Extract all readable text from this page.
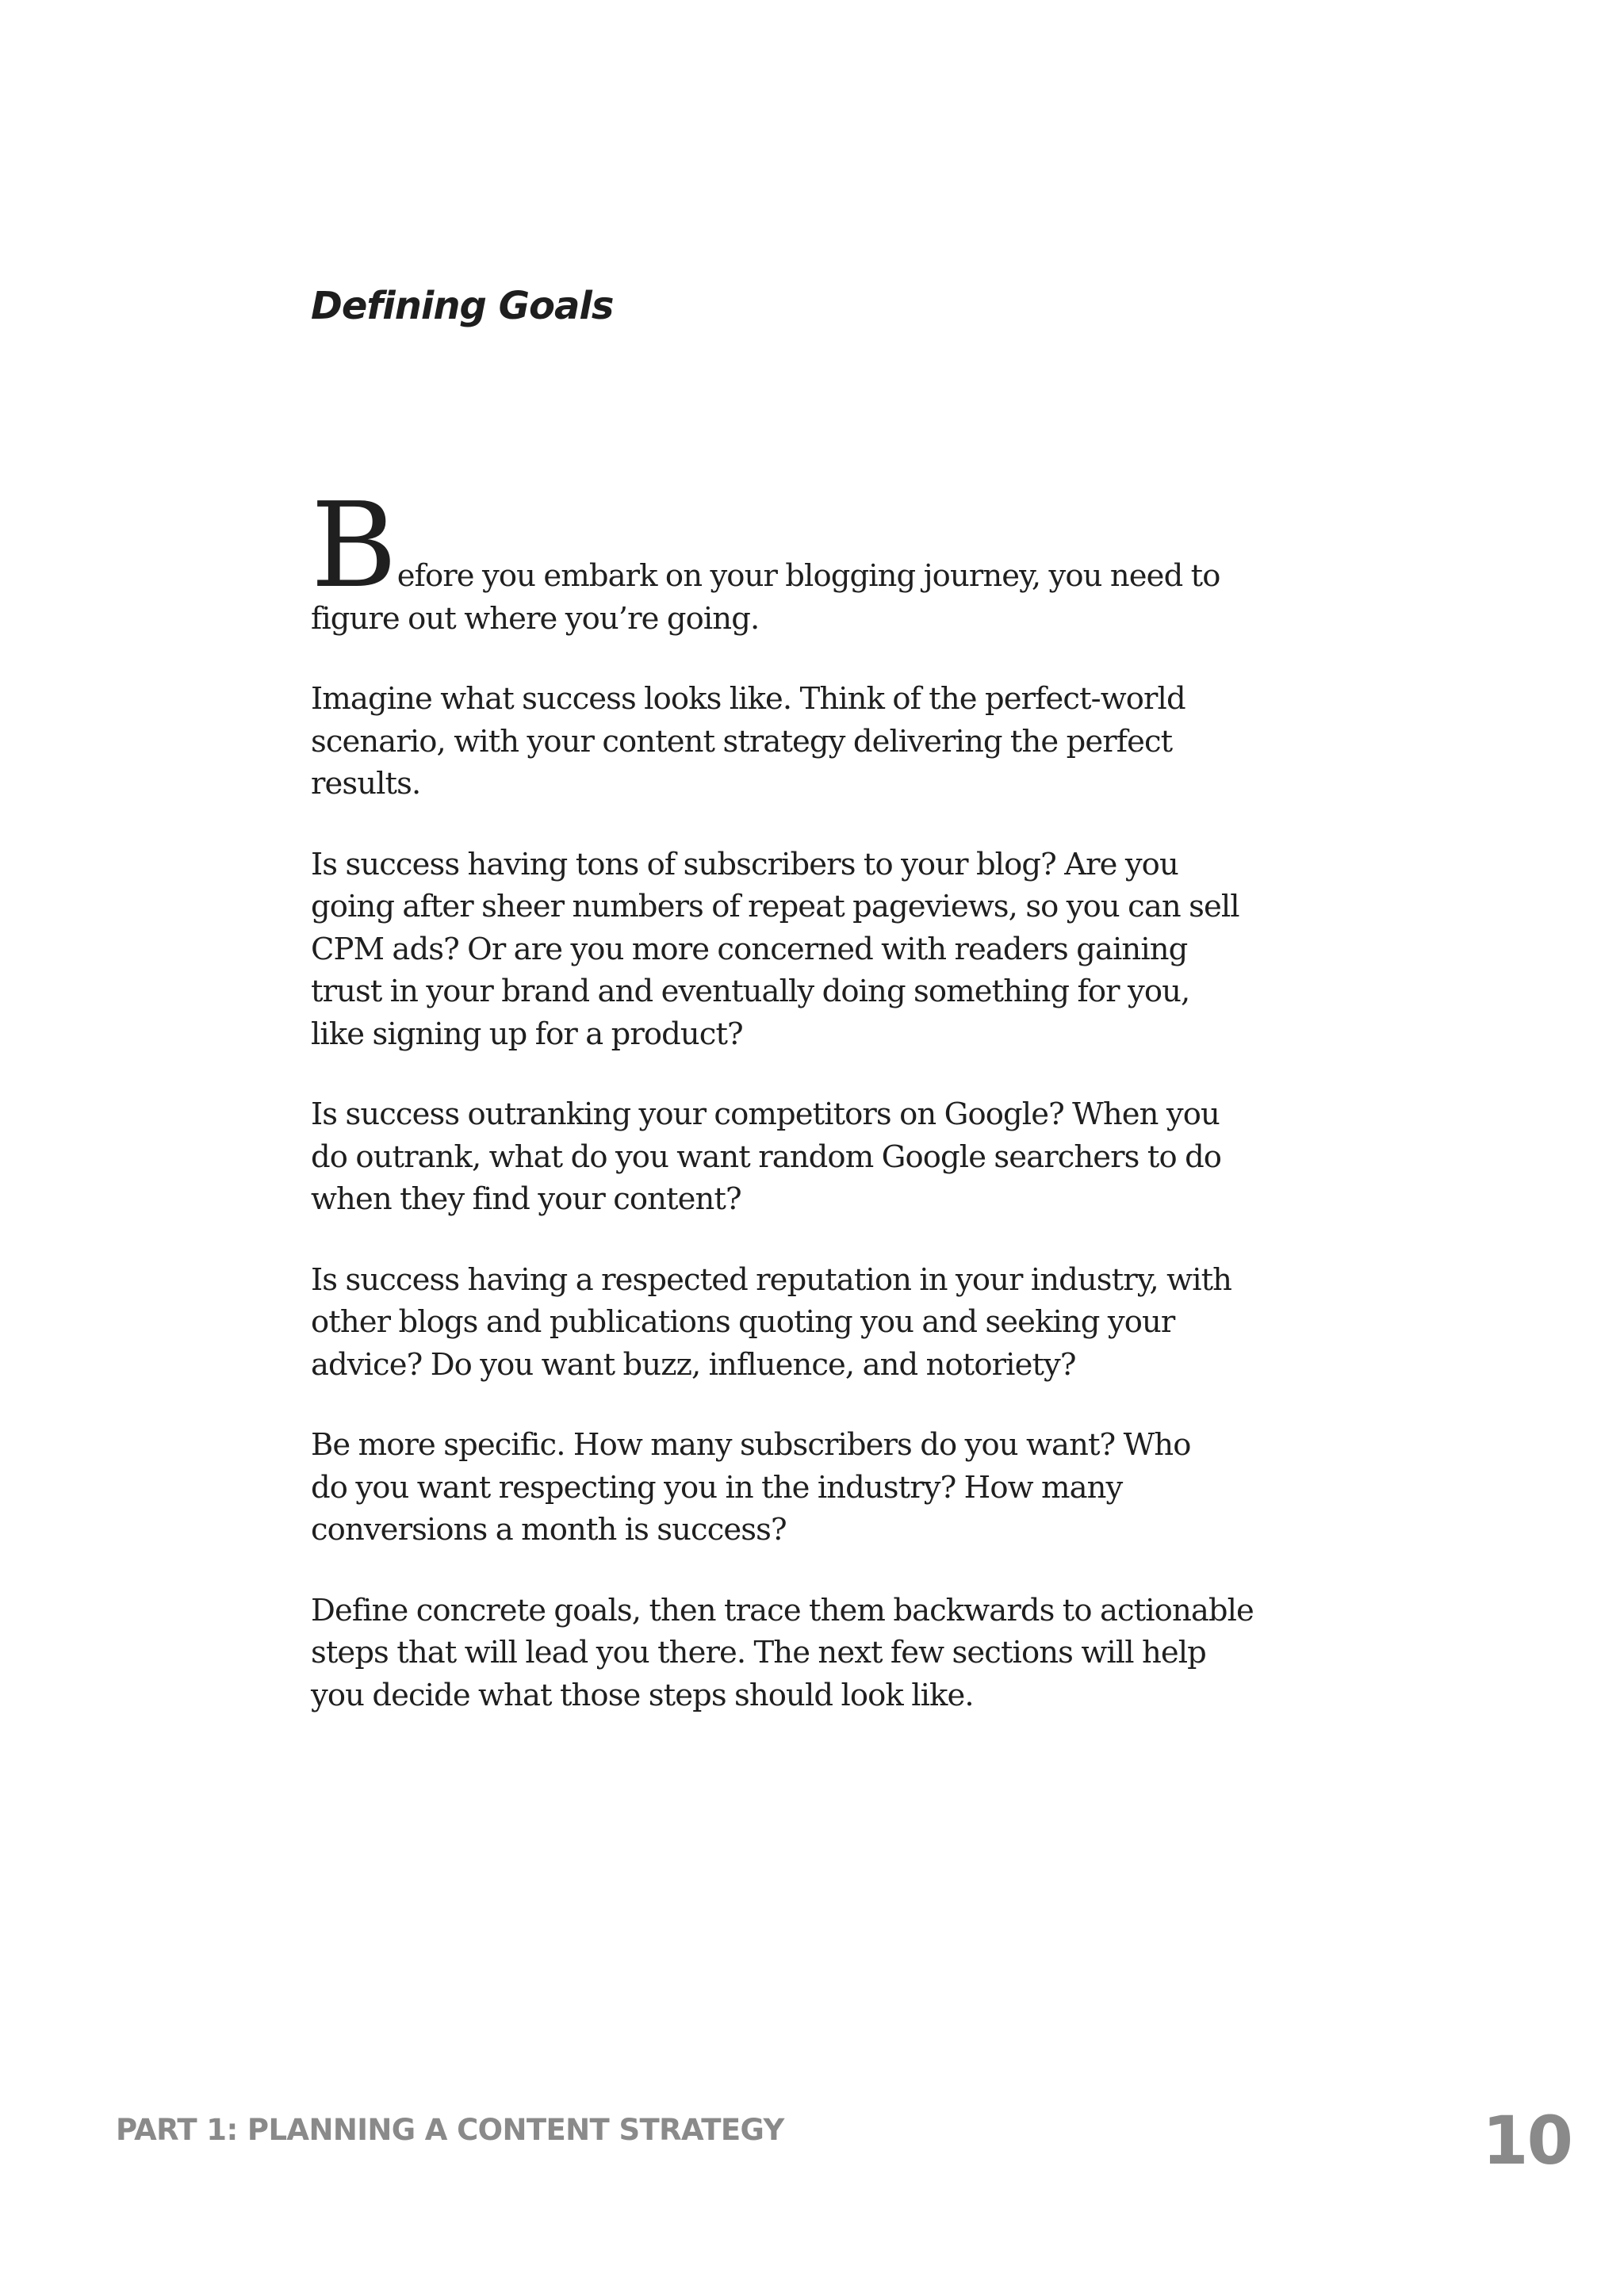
Defining Goals

Before you embark on your blogging journey, you need to
figure out where you’re going.

Imagine what success looks like. Think of the perfect-world
scenario, with your content strategy delivering the perfect
results.

Is success having tons of subscribers to your blog? Are you
going after sheer numbers of repeat pageviews, so you can sell
CPM ads? Or are you more concerned with readers gaining
trust in your brand and eventually doing something for you,
like signing up for a product?

Is success outranking your competitors on Google? When you
do outrank, what do you want random Google searchers to do
when they find your content?

Is success having a respected reputation in your industry, with
other blogs and publications quoting you and seeking your
advice? Do you want buzz, influence, and notoriety?

Be more specific. How many subscribers do you want? Who
do you want respecting you in the industry? How many
conversions a month is success?

Define concrete goals, then trace them backwards to actionable
steps that will lead you there. The next few sections will help
you decide what those steps should look like.

PART 1: PLANNING A CONTENT STRATEGY	10
